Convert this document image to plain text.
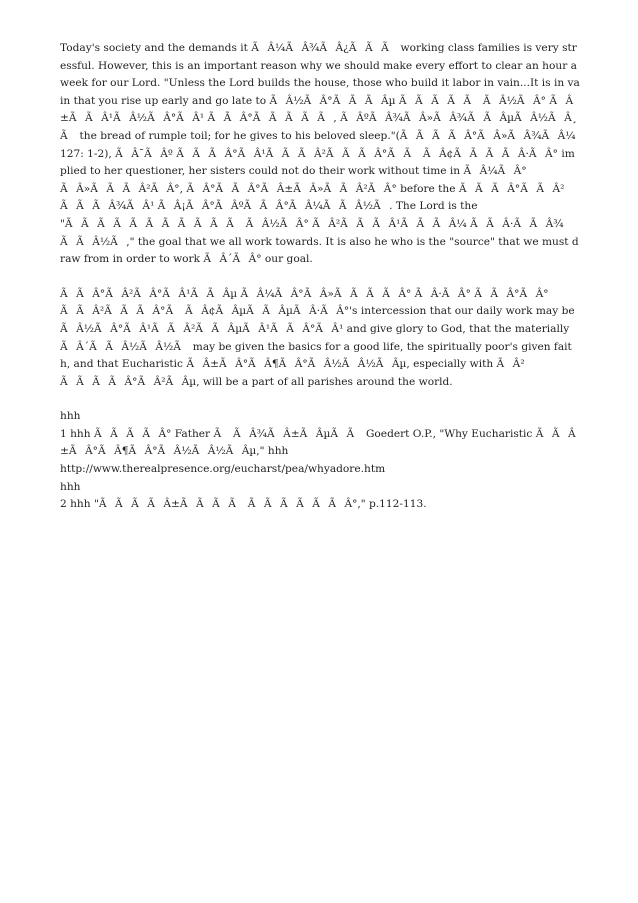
Today's society and the demands it ÃÂ¼ÃÂ¾ÃÂ¿ÃÃÃ working class families is very stressful. However, this is an important reason why we should make every effort to clear an hour a week for our Lord. "Unless the Lord builds the house, those who build it labor in vain...It is in vain that you rise up early and go late to ÃÂ½ÃÂ°ÃÃÃÂµ ÃÃÃÃÃ ÃÂ½ÃÂ° ÃÂ±ÃÃÂ¹ÃÂ½ÃÂ°ÃÂ¹ ÃÃÂ°ÃÃÃÃÃ, ÃÂºÃÂ¾ÃÂ»ÃÂ¾ÃÃÂµÃÂ½ÃÂ¸Ã the bread of rumple toil; for he gives to his beloved sleep."(ÃÃÃÃÂ°ÃÂ»ÃÂ¾ÃÂ¼ 127: 1-2), ÃÂ¯ÃÂº ÃÃÃÂ°ÃÂ¹ÃÃÃÂ²ÃÃÃÂ°ÃÃ ÃÂ¢ÃÃÃÃÂ·ÃÂ° implied to her questioner, her sisters could not do their work without time in ÃÂ¼ÃÂ°ÃÂ»ÃÃÃÂ²ÃÂ°, ÃÂ°ÃÃÂ°ÃÂ±ÃÂ»ÃÃÂ²ÃÂ° before the ÃÃÃÂ°ÃÃÂ²ÃÃÃÂ¾ÃÂ¹ ÃÂ¡ÃÂ°ÃÂºÃÃÂ°ÃÂ¼ÃÃÂ½Ã. The Lord is the "ÃÃÃÃÃÃÃÃÃÃÃ ÃÂ½ÃÂ° ÃÂ²ÃÃÃÂ¹ÃÃÃÂ¼ ÃÃÂ·ÃÃÂ¾ÃÃÂ½Ã," the goal that we all work towards. It is also he who is the "source" that we must draw from in order to work ÃÂ´ÃÂ° our goal.

ÃÃÂ°ÃÂ²ÃÂ°ÃÂ¹ÃÃÂµ ÃÂ¼ÃÂ°ÃÂ»ÃÃÃÃÂ° ÃÂ·ÃÂ° ÃÃÂ°ÃÂ°ÃÃÂ²ÃÃÃÂ°Ã ÃÂ¢ÃÂµÃÃÂµÃÂ·ÃÂ°'s intercession that our daily work may be ÃÂ½ÃÂ°ÃÂ¹ÃÃÂ²ÃÃÂµÃÂ¹ÃÃÂ°ÃÂ¹ and give glory to God, that the materially ÃÂ´ÃÃÂ½ÃÂ½Ã may be given the basics for a good life, the spiritually poor's given faith, and that Eucharistic ÃÂ±ÃÂ°ÃÂ¶ÃÂ°ÃÂ½ÃÂ½ÃÂµ, especially with ÃÂ²ÃÃÃÃÂ°ÃÂ²ÃÂµ, will be a part of all parishes around the world.

hhh

1 hhh ÃÃÃÃÂ° Father Ã ÃÂ¾ÃÂ±ÃÂµÃÃ Goedert O.P., "Why Eucharistic ÃÃÂ±ÃÂ°ÃÂ¶ÃÂ°ÃÂ½ÃÂ½ÃÂµ," hhh

http://www.therealpresence.org/eucharst/pea/whyadore.htm

hhh

2 hhh "ÃÃÃÃÂ±ÃÃÃÃ ÃÃÃÃÃÃÂ°," p.112-113.
